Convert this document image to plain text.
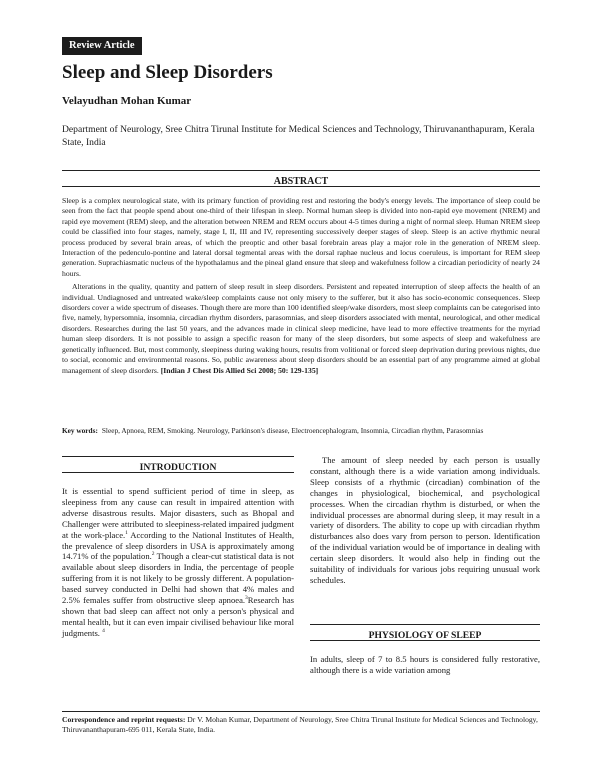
Review Article
Sleep and Sleep Disorders
Velayudhan Mohan Kumar
Department of Neurology, Sree Chitra Tirunal Institute for Medical Sciences and Technology, Thiruvananthapuram, Kerala State, India
ABSTRACT

Sleep is a complex neurological state, with its primary function of providing rest and restoring the body's energy levels. The importance of sleep could be seen from the fact that people spend about one-third of their lifespan in sleep. Normal human sleep is divided into non-rapid eye movement (NREM) and rapid eye movement (REM) sleep, and the alteration between NREM and REM occurs about 4-5 times during a night of normal sleep. Human NREM sleep could be classified into four stages, namely, stage I, II, III and IV, representing successively deeper stages of sleep. Sleep is an active rhythmic neural process produced by several brain areas, of which the preoptic and other basal forebrain areas play a major role in the generation of NREM sleep. Interaction of the pedenculo-pontine and lateral dorsal tegmental areas with the dorsal raphae nucleus and locus coeruleus, is important for REM sleep generation. Suprachiasmatic nucleus of the hypothalamus and the pineal gland ensure that sleep and wakefulness follow a circadian periodicity of nearly 24 hours.

Alterations in the quality, quantity and pattern of sleep result in sleep disorders. Persistent and repeated interruption of sleep affects the health of an individual. Undiagnosed and untreated wake/sleep complaints cause not only misery to the sufferer, but it also has socio-economic consequences. Sleep disorders cover a wide spectrum of diseases. Though there are more than 100 identified sleep/wake disorders, most sleep complaints can be categorised into five, namely, hypersomnia, insomnia, circadian rhythm disorders, parasomnias, and sleep disorders associated with mental, neurological, and other medical disorders. Researches during the last 50 years, and the advances made in clinical sleep medicine, have lead to more effective treatments for the myriad human sleep disorders. It is not possible to assign a specific reason for many of the sleep disorders, but some aspects of sleep and wakefulness are genetically influenced. But, most commonly, sleepiness during waking hours, results from volitional or forced sleep deprivation during previous nights, due to social, economic and environmental reasons. So, public awareness about sleep disorders should be an essential part of any programme aimed at global management of sleep disorders. [Indian J Chest Dis Allied Sci 2008; 50: 129-135]

Key words: Sleep, Apnoea, REM, Smoking. Neurology, Parkinson's disease, Electroencephalogram, Insomnia, Circadian rhythm, Parasomnias
INTRODUCTION

It is essential to spend sufficient period of time in sleep, as sleepiness from any cause can result in impaired attention with adverse disastrous results. Major disasters, such as Bhopal and Challenger were attributed to sleepiness-related impaired judgment at the work-place.$^1$ According to the National Institutes of Health, the prevalence of sleep disorders in USA is approximately among 14.71% of the population.$^2$ Though a clear-cut statistical data is not available about sleep disorders in India, the percentage of people suffering from it is not likely to be grossly different. A population-based survey conducted in Delhi had shown that 4% males and 2.5% females suffer from obstructive sleep apnoea.$^3$Research has shown that bad sleep can affect not only a person's physical and mental health, but it can even impair civilised behaviour like moral judgments. $^4$

The amount of sleep needed by each person is usually constant, although there is a wide variation among individuals. Sleep consists of a rhythmic (circadian) combination of the changes in physiological, biochemical, and psychological processes. When the circadian rhythm is disturbed, or when the individual processes are abnormal during sleep, it may result in a variety of disorders. The ability to cope up with circadian rhythm disturbances also does vary from person to person. Identification of the individual variation would be of importance in dealing with certain sleep disorders. It would also help in finding out the suitability of individuals for various jobs requiring unusual work schedules.

PHYSIOLOGY OF SLEEP

In adults, sleep of 7 to 8.5 hours is considered fully restorative, although there is a wide variation among

Correspondence and reprint requests: Dr V. Mohan Kumar, Department of Neurology, Sree Chitra Tirunal Institute for Medical Sciences and Technology, Thiruvananthapuram-695 011, Kerala State, India.
